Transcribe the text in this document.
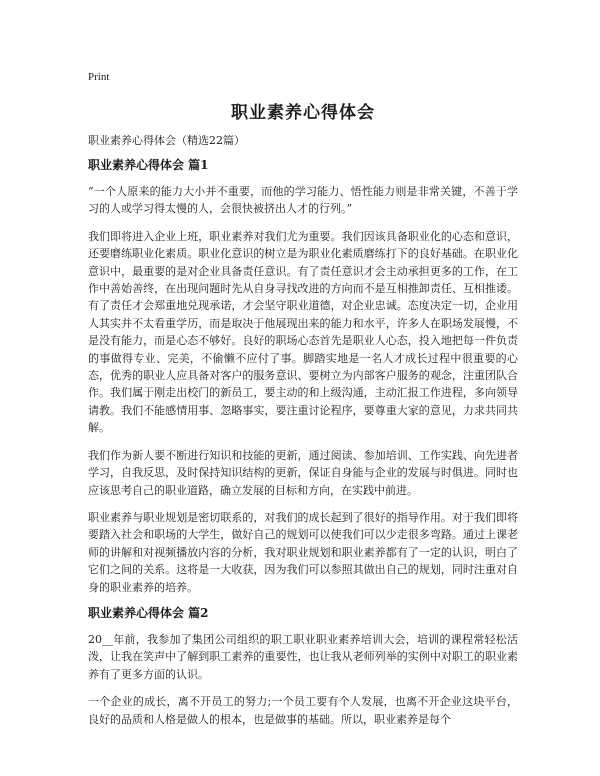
Print
职业素养心得体会

职业素养心得体会（精选22篇）

职业素养心得体会 篇1

“一个人原来的能力大小并不重要，而他的学习能力、悟性能力则是非常关键，不善于学习的人或学习得太慢的人，会很快被挤出人才的行列。”

我们即将进入企业上班，职业素养对我们尤为重要。我们因该具备职业化的心态和意识，还要磨练职业化素质。职业化意识的树立是为职业化素质磨练打下的良好基础。在职业化意识中，最重要的是对企业具备责任意识。有了责任意识才会主动承担更多的工作，在工作中善始善终，在出现问题时先从自身寻找改进的方向而不是互相推卸责任、互相推诿。有了责任才会郑重地兑现承诺，才会坚守职业道德，对企业忠诚。态度决定一切，企业用人其实并不太看重学历，而是取决于他展现出来的能力和水平，许多人在职场发展慢，不是没有能力，而是心态不够好。良好的职场心态首先是职业人心态，投入地把每一件负责的事做得专业、完美，不偷懒不应付了事。脚踏实地是一名人才成长过程中很重要的心态，优秀的职业人应具备对客户的服务意识、要树立为内部客户服务的观念，注重团队合作。我们属于刚走出校门的新员工，要主动的和上级沟通，主动汇报工作进程，多向领导请教。我们不能感情用事、忽略事实，要注重讨论程序，要尊重大家的意见，力求共同共解。

我们作为新人要不断进行知识和技能的更新，通过阅读、参加培训、工作实践、向先进者学习，自我反思，及时保持知识结构的更新，保证自身能与企业的发展与时俱进。同时也应该思考自己的职业道路，确立发展的目标和方向，在实践中前进。

职业素养与职业规划是密切联系的，对我们的成长起到了很好的指导作用。对于我们即将要踏入社会和职场的大学生，做好自己的规划可以使我们可以少走很多弯路。通过上课老师的讲解和对视频播放内容的分析，我对职业规划和职业素养都有了一定的认识，明白了它们之间的关系。这将是一大收获，因为我们可以参照其做出自己的规划，同时注重对自身的职业素养的培养。

职业素养心得体会 篇2

20__年前，我参加了集团公司组织的职工职业职业素养培训大会，培训的课程常轻松活泼，让我在笑声中了解到职工素养的重要性，也让我从老师列举的实例中对职工的职业素养有了更多方面的认识。

一个企业的成长，离不开员工的努力;一个员工要有个人发展，也离不开企业这块平台，良好的品质和人格是做人的根本，也是做事的基础。所以，职业素养是每个
